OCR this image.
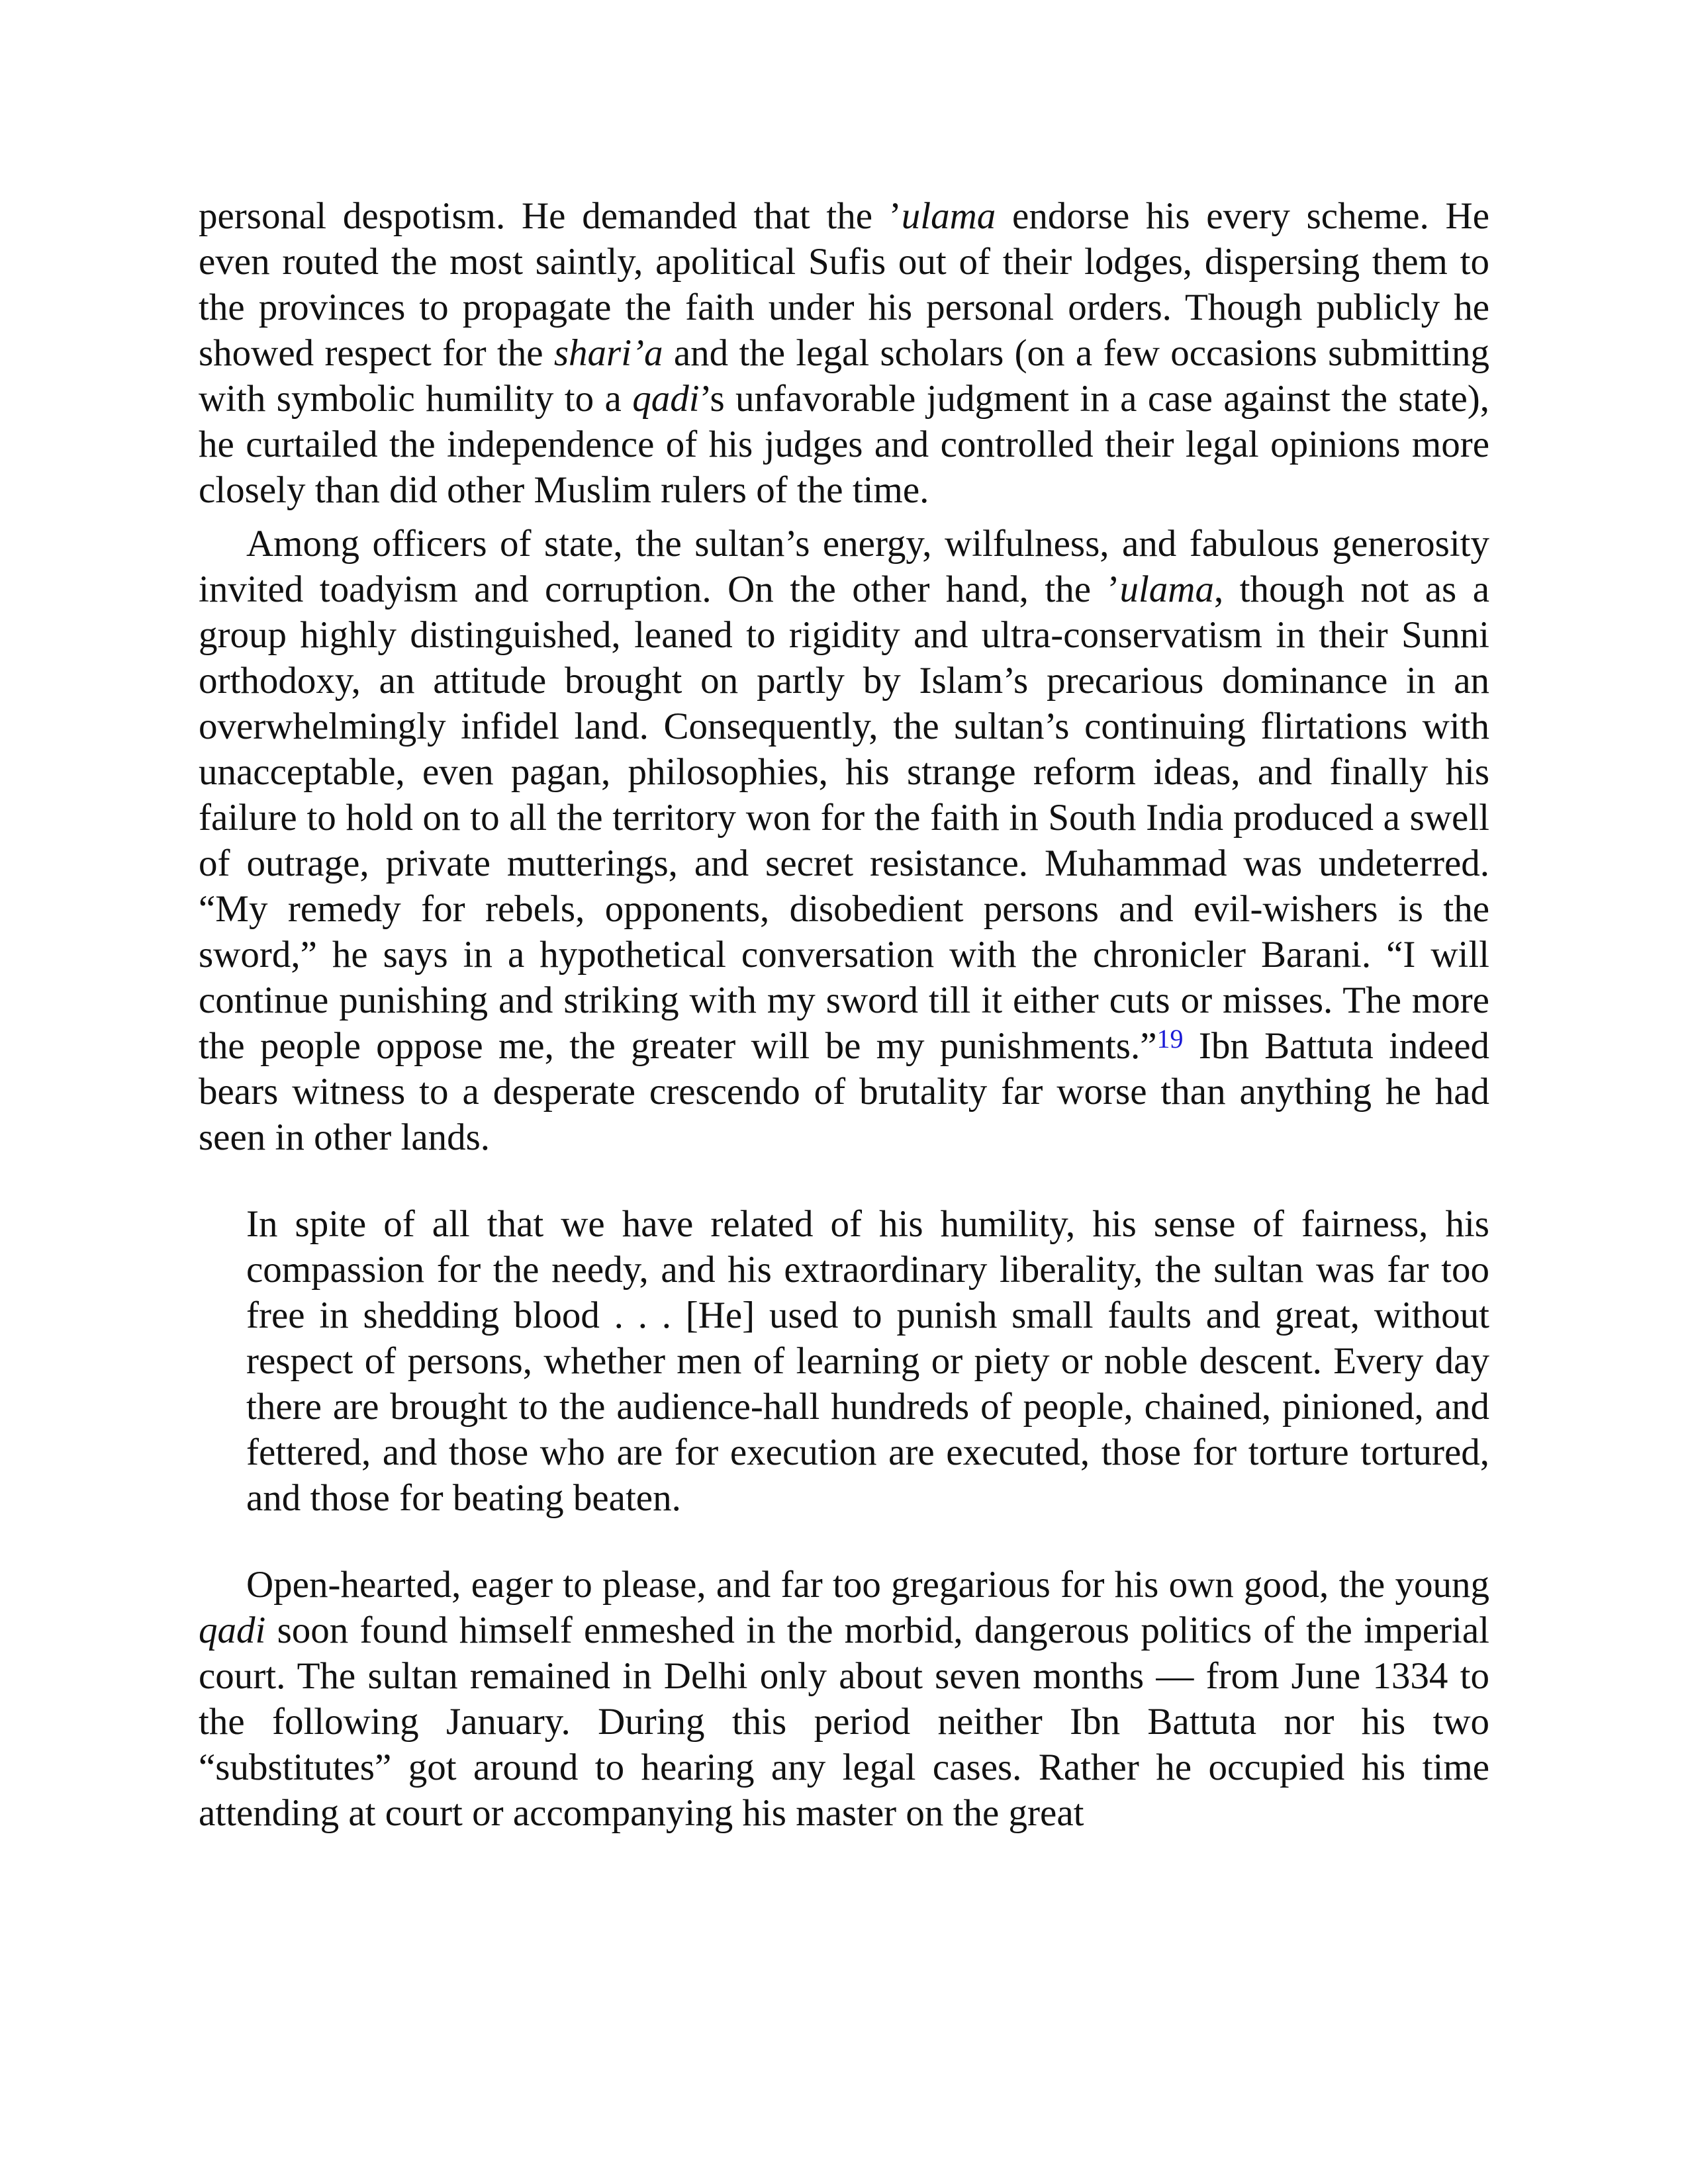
personal despotism. He demanded that the ’ulama endorse his every scheme. He even routed the most saintly, apolitical Sufis out of their lodges, dispersing them to the provinces to propagate the faith under his personal orders. Though publicly he showed respect for the shari’a and the legal scholars (on a few occasions submitting with symbolic humility to a qadi’s unfavorable judgment in a case against the state), he curtailed the independence of his judges and controlled their legal opinions more closely than did other Muslim rulers of the time.

Among officers of state, the sultan’s energy, wilfulness, and fabulous generosity invited toadyism and corruption. On the other hand, the ’ulama, though not as a group highly distinguished, leaned to rigidity and ultra-conservatism in their Sunni orthodoxy, an attitude brought on partly by Islam’s precarious dominance in an overwhelmingly infidel land. Consequently, the sultan’s continuing flirtations with unacceptable, even pagan, philosophies, his strange reform ideas, and finally his failure to hold on to all the territory won for the faith in South India produced a swell of outrage, private mutterings, and secret resistance. Muhammad was undeterred. “My remedy for rebels, opponents, disobedient persons and evil-wishers is the sword,” he says in a hypothetical conversation with the chronicler Barani. “I will continue punishing and striking with my sword till it either cuts or misses. The more the people oppose me, the greater will be my punishments.”$^{19}$ Ibn Battuta indeed bears witness to a desperate crescendo of brutality far worse than anything he had seen in other lands.

In spite of all that we have related of his humility, his sense of fairness, his compassion for the needy, and his extraordinary liberality, the sultan was far too free in shedding blood . . . [He] used to punish small faults and great, without respect of persons, whether men of learning or piety or noble descent. Every day there are brought to the audience-hall hundreds of people, chained, pinioned, and fettered, and those who are for execution are executed, those for torture tortured, and those for beating beaten.

Open-hearted, eager to please, and far too gregarious for his own good, the young qadi soon found himself enmeshed in the morbid, dangerous politics of the imperial court. The sultan remained in Delhi only about seven months — from June 1334 to the following January. During this period neither Ibn Battuta nor his two “substitutes” got around to hearing any legal cases. Rather he occupied his time attending at court or accompanying his master on the great
